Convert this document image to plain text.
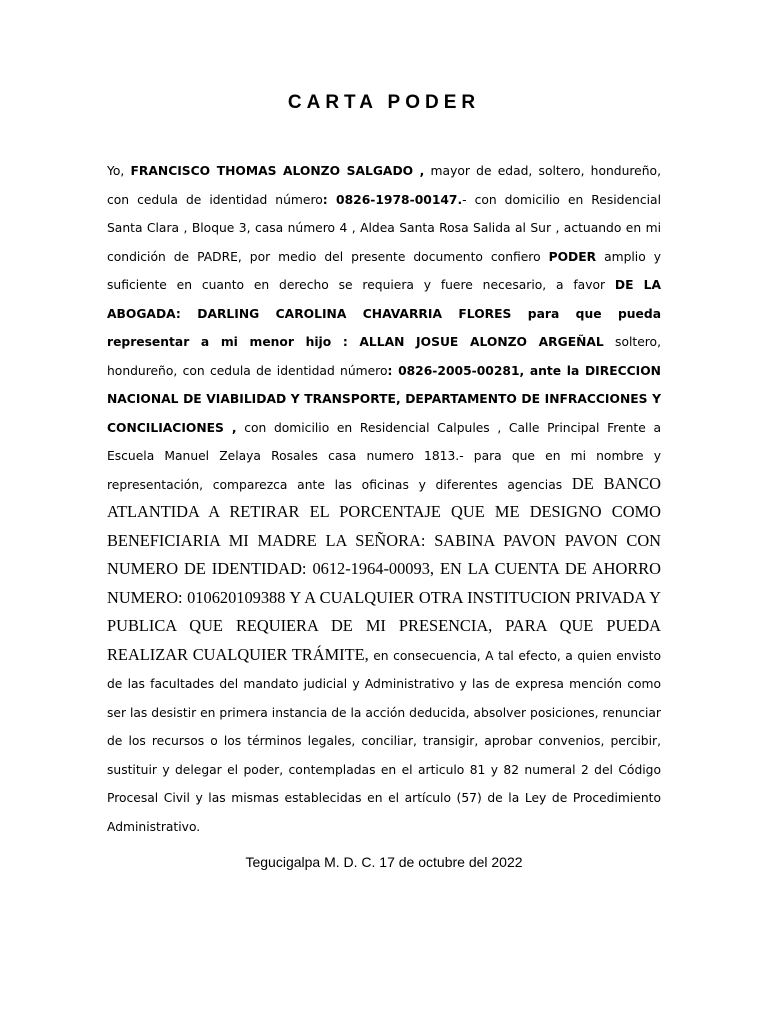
CARTA PODER
Yo, FRANCISCO THOMAS ALONZO SALGADO , mayor de edad, soltero, hondureño, con cedula de identidad número: 0826-1978-00147.- con domicilio en Residencial Santa Clara , Bloque 3, casa número 4 , Aldea Santa Rosa Salida al Sur , actuando en mi condición de PADRE, por medio del presente documento confiero PODER amplio y suficiente en cuanto en derecho se requiera y fuere necesario, a favor DE LA ABOGADA: DARLING CAROLINA CHAVARRIA FLORES para que pueda representar a mi menor hijo : ALLAN JOSUE ALONZO ARGEÑAL soltero, hondureño, con cedula de identidad número: 0826-2005-00281, ante la DIRECCION NACIONAL DE VIABILIDAD Y TRANSPORTE, DEPARTAMENTO DE INFRACCIONES Y CONCILIACIONES , con domicilio en Residencial Calpules , Calle Principal Frente a Escuela Manuel Zelaya Rosales casa numero 1813.- para que en mi nombre y representación, comparezca ante las oficinas y diferentes agencias DE BANCO ATLANTIDA A RETIRAR EL PORCENTAJE QUE ME DESIGNO COMO BENEFICIARIA MI MADRE LA SEÑORA: SABINA PAVON PAVON CON NUMERO DE IDENTIDAD: 0612-1964-00093, EN LA CUENTA DE AHORRO NUMERO: 010620109388 Y A CUALQUIER OTRA INSTITUCION PRIVADA Y PUBLICA QUE REQUIERA DE MI PRESENCIA, PARA QUE PUEDA REALIZAR CUALQUIER TRÁMITE, en consecuencia, A tal efecto, a quien envisto de las facultades del mandato judicial y Administrativo y las de expresa mención como ser las desistir en primera instancia de la acción deducida, absolver posiciones, renunciar de los recursos o los términos legales, conciliar, transigir, aprobar convenios, percibir, sustituir y delegar el poder, contempladas en el articulo 81 y 82 numeral 2 del Código Procesal Civil y las mismas establecidas en el artículo (57) de la Ley de Procedimiento Administrativo.
Tegucigalpa M. D. C. 17 de octubre del 2022
